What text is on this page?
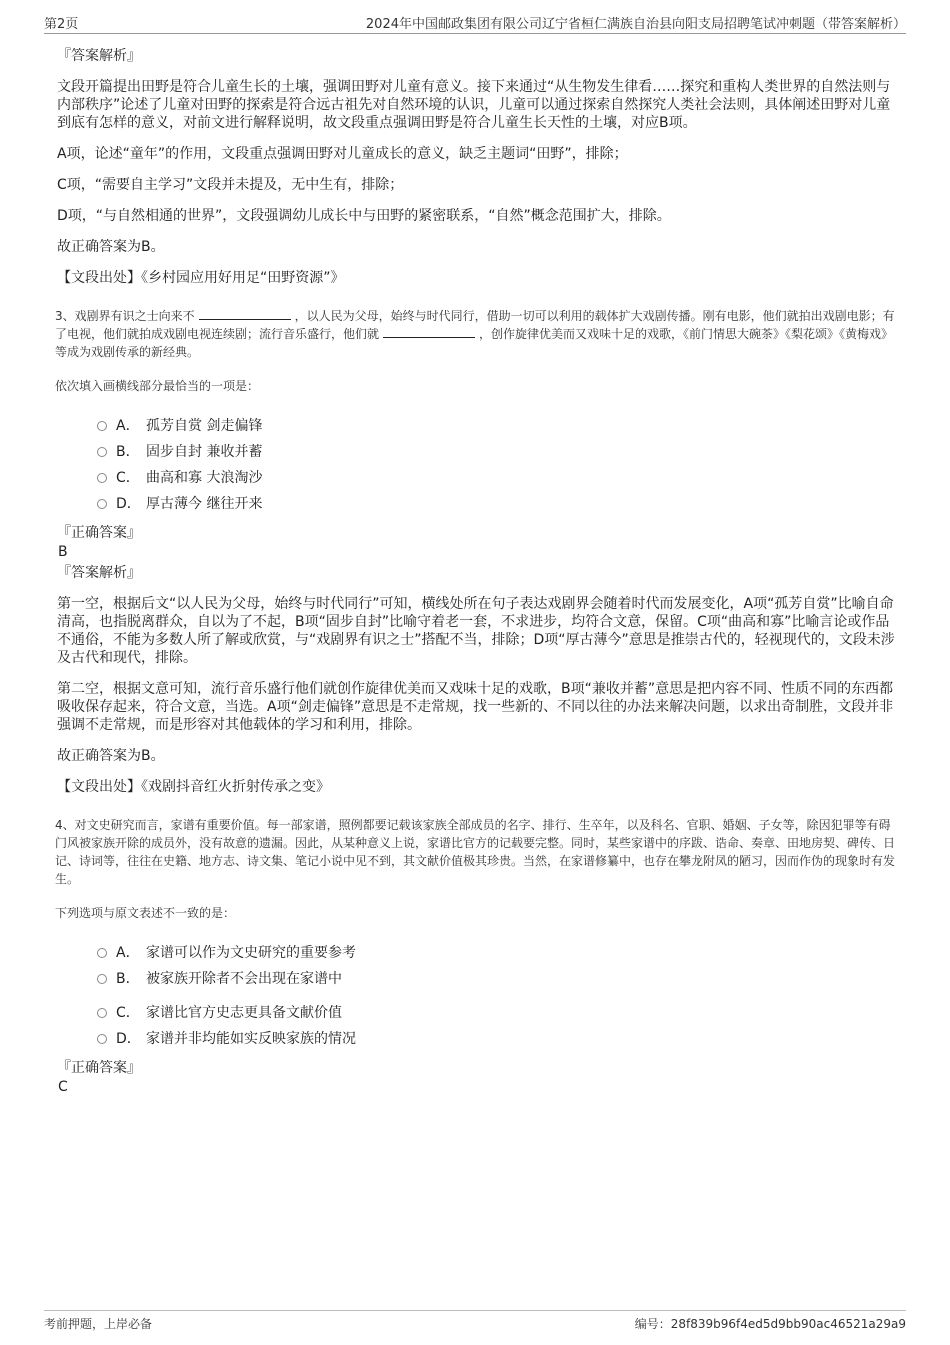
第2页	2024年中国邮政集团有限公司辽宁省桓仁满族自治县向阳支局招聘笔试冲刺题（带答案解析）
『答案解析』

文段开篇提出田野是符合儿童生长的土壤，强调田野对儿童有意义。接下来通过“从生物发生律看……探究和重构人类世界的自然法则与内部秩序”论述了儿童对田野的探索是符合远古祖先对自然环境的认识，儿童可以通过探索自然探究人类社会法则，具体阐述田野对儿童到底有怎样的意义，对前文进行解释说明，故文段重点强调田野是符合儿童生长天性的土壤，对应B项。

A项，论述“童年”的作用，文段重点强调田野对儿童成长的意义，缺乏主题词“田野”，排除；

C项，“需要自主学习”文段并未提及，无中生有，排除；

D项，“与自然相通的世界”，文段强调幼儿成长中与田野的紧密联系，“自然”概念范围扩大，排除。

故正确答案为B。

【文段出处】《乡村园应用好用足“田野资源”》

3、戏剧界有识之士向来不	，以人民为父母，始终与时代同行，借助一切可以利用的载体扩大戏剧传播。刚有电影，他们就拍出戏剧电影；有了电视，他们就拍成戏剧电视连续剧；流行音乐盛行，他们就	，创作旋律优美而又戏味十足的戏歌，《前门情思大碗茶》《梨花颂》《黄梅戏》等成为戏剧传承的新经典。

依次填入画横线部分最恰当的一项是：

A． 孤芳自赏 剑走偏锋
B． 固步自封 兼收并蓄
C． 曲高和寡 大浪淘沙
D． 厚古薄今 继往开来
『正确答案』
B
『答案解析』

第一空，根据后文“以人民为父母，始终与时代同行”可知，横线处所在句子表达戏剧界会随着时代而发展变化，A项“孤芳自赏”比喻自命清高，也指脱离群众，自以为了不起，B项“固步自封”比喻守着老一套，不求进步，均符合文意，保留。C项“曲高和寡”比喻言论或作品不通俗，不能为多数人所了解或欣赏，与“戏剧界有识之士”搭配不当，排除；D项“厚古薄今”意思是推崇古代的，轻视现代的，文段未涉及古代和现代，排除。

第二空，根据文意可知，流行音乐盛行他们就创作旋律优美而又戏味十足的戏歌，B项“兼收并蓄”意思是把内容不同、性质不同的东西都吸收保存起来，符合文意，当选。A项“剑走偏锋”意思是不走常规，找一些新的、不同以往的办法来解决问题，以求出奇制胜，文段并非强调不走常规，而是形容对其他载体的学习和利用，排除。

故正确答案为B。

【文段出处】《戏剧抖音红火折射传承之变》

4、对文史研究而言，家谱有重要价值。每一部家谱，照例都要记载该家族全部成员的名字、排行、生卒年，以及科名、官职、婚姻、子女等，除因犯罪等有碍门风被家族开除的成员外，没有故意的遗漏。因此，从某种意义上说，家谱比官方的记载要完整。同时，某些家谱中的序跋、诰命、奏章、田地房契、碑传、日记、诗词等，往往在史籍、地方志、诗文集、笔记小说中见不到，其文献价值极其珍贵。当然，在家谱修纂中，也存在攀龙附凤的陋习，因而作伪的现象时有发生。

下列选项与原文表述不一致的是：

A． 家谱可以作为文史研究的重要参考
B． 被家族开除者不会出现在家谱中
C． 家谱比官方史志更具备文献价值
D． 家谱并非均能如实反映家族的情况
『正确答案』
C
考前押题，上岸必备	编号：28f839b96f4ed5d9bb90ac46521a29a9
